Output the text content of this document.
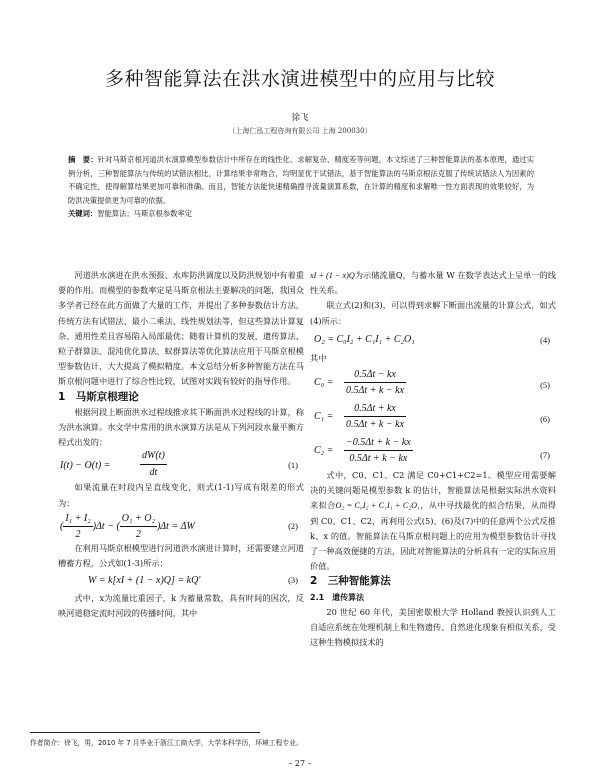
多种智能算法在洪水演进模型中的应用与比较
徐飞
（上海仁泓工程咨询有限公司 上海 200030）
摘　要：针对马斯京根河道洪水演算模型参数估计中所存在的线性化、求解复杂、精度差等问题，本文综述了三种智能算法的基本原理，通过实例分析，三种智能算法与传统的试错法相比，计算结果非常吻合，均明显优于试错法，基于智能算法的马斯京根法克服了传统试错法人为因素的不确定性，使得解算结果更加可靠和准确。而且，智能方法能快速精确搜寻流量演算系数，在计算的精度和求解唯一性方面表现的效果较好，为防洪决策提供更为可靠的依据。
关键词：智能算法；马斯京根参数率定

河道洪水演进在洪水预报、水库防洪调度以及防洪规划中有着重要的作用。而模型的参数率定是马斯京根法主要解决的问题，我国众多学者已经在此方面做了大量的工作，并提出了多种参数估计方法，传统方法有试错法、最小二乘法、线性规划法等，但这些算法计算复杂、通用性差且容易陷入局部最优；随着计算机的发展，遗传算法、粒子群算法、混沌优化算法、蚁群算法等优化算法应用于马斯京根模型参数估计，大大提高了模拟精度。本文总结分析多种智能方法在马斯京根问题中进行了综合性比较，试图对实践有较好的指导作用。

1　马斯京根理论

根据河段上断面洪水过程线推求其下断面洪水过程线的计算，称为洪水演算。水文学中常用的洪水演算方法是从下列河段水量平衡方程式出发的：

I(t) − O(t) =	$\frac{dW(t)}{dt}$	(1)

如果流量在时段内呈直线变化，则式(1-1)写成有限差的形式为：

( $\frac{\text{I₁ + I₂}}{2} )\Delta t$ − ( $\frac{\text{O₁ + O₂}}{2} )\Delta t = \Delta W$	(2)

在利用马斯京根模型进行河道洪水演进计算时，还需要建立河道槽蓄方程，公式如(1-3)所示：

W = k[xI + (1 − x)Q] = kQ′	(3)

式中，x为流量比重因子，k 为蓄量常数，具有时间的因次，反映河道稳定流时河段的传播时间，其中

xI + (1 − x)Q为示储流量Q，与蓄水量 W 在数学表达式上呈单一的线性关系。

联立式(2)和(3)，可以得到求解下断面出流量的计算公式，如式(4)所示：

O₂ = C₀I₂ + C₁I₁ + C₂O₁	(4)

其中

$C_0 = \frac{0.5\Delta t - kx}{0.5\Delta t + k - kx}$	(5)
$C_1 = \frac{0.5\Delta t + kx}{0.5\Delta t + k - kx}$	(6)
$C_2 = \frac{-0.5\Delta t + k - kx}{0.5\Delta t + k - kx}$	(7)

式中，C0、C1、C2 满足 C0+C1+C2=1。模型应用需要解决的关键问题是模型参数 k 的估计，智能算法是根据实际洪水资料来拟合O₂ = C₀I₂ + C₁I₁ + C₂O₁，从中寻找最优的拟合结果，从而得到 C0、C1、C2，再利用公式(5)、(6)及(7)中的任意两个公式反推 k、x 的值。智能算法在马斯京根问题上的应用为模型参数估计寻找了一种高效便捷的方法，因此对智能算法的分析具有一定的实际应用价值。

2　三种智能算法

2.1　遗传算法

20 世纪 60 年代，美国密歇根大学 Holland 教授认识到人工自适应系统在处理机制上和生物遗传、自然进化现象有相似关系，受这种生物模拟技术的

作者简介：徐飞，男，2010 年 7 月毕业于浙江工商大学，大学本科学历，环境工程专业。
– 27 –
